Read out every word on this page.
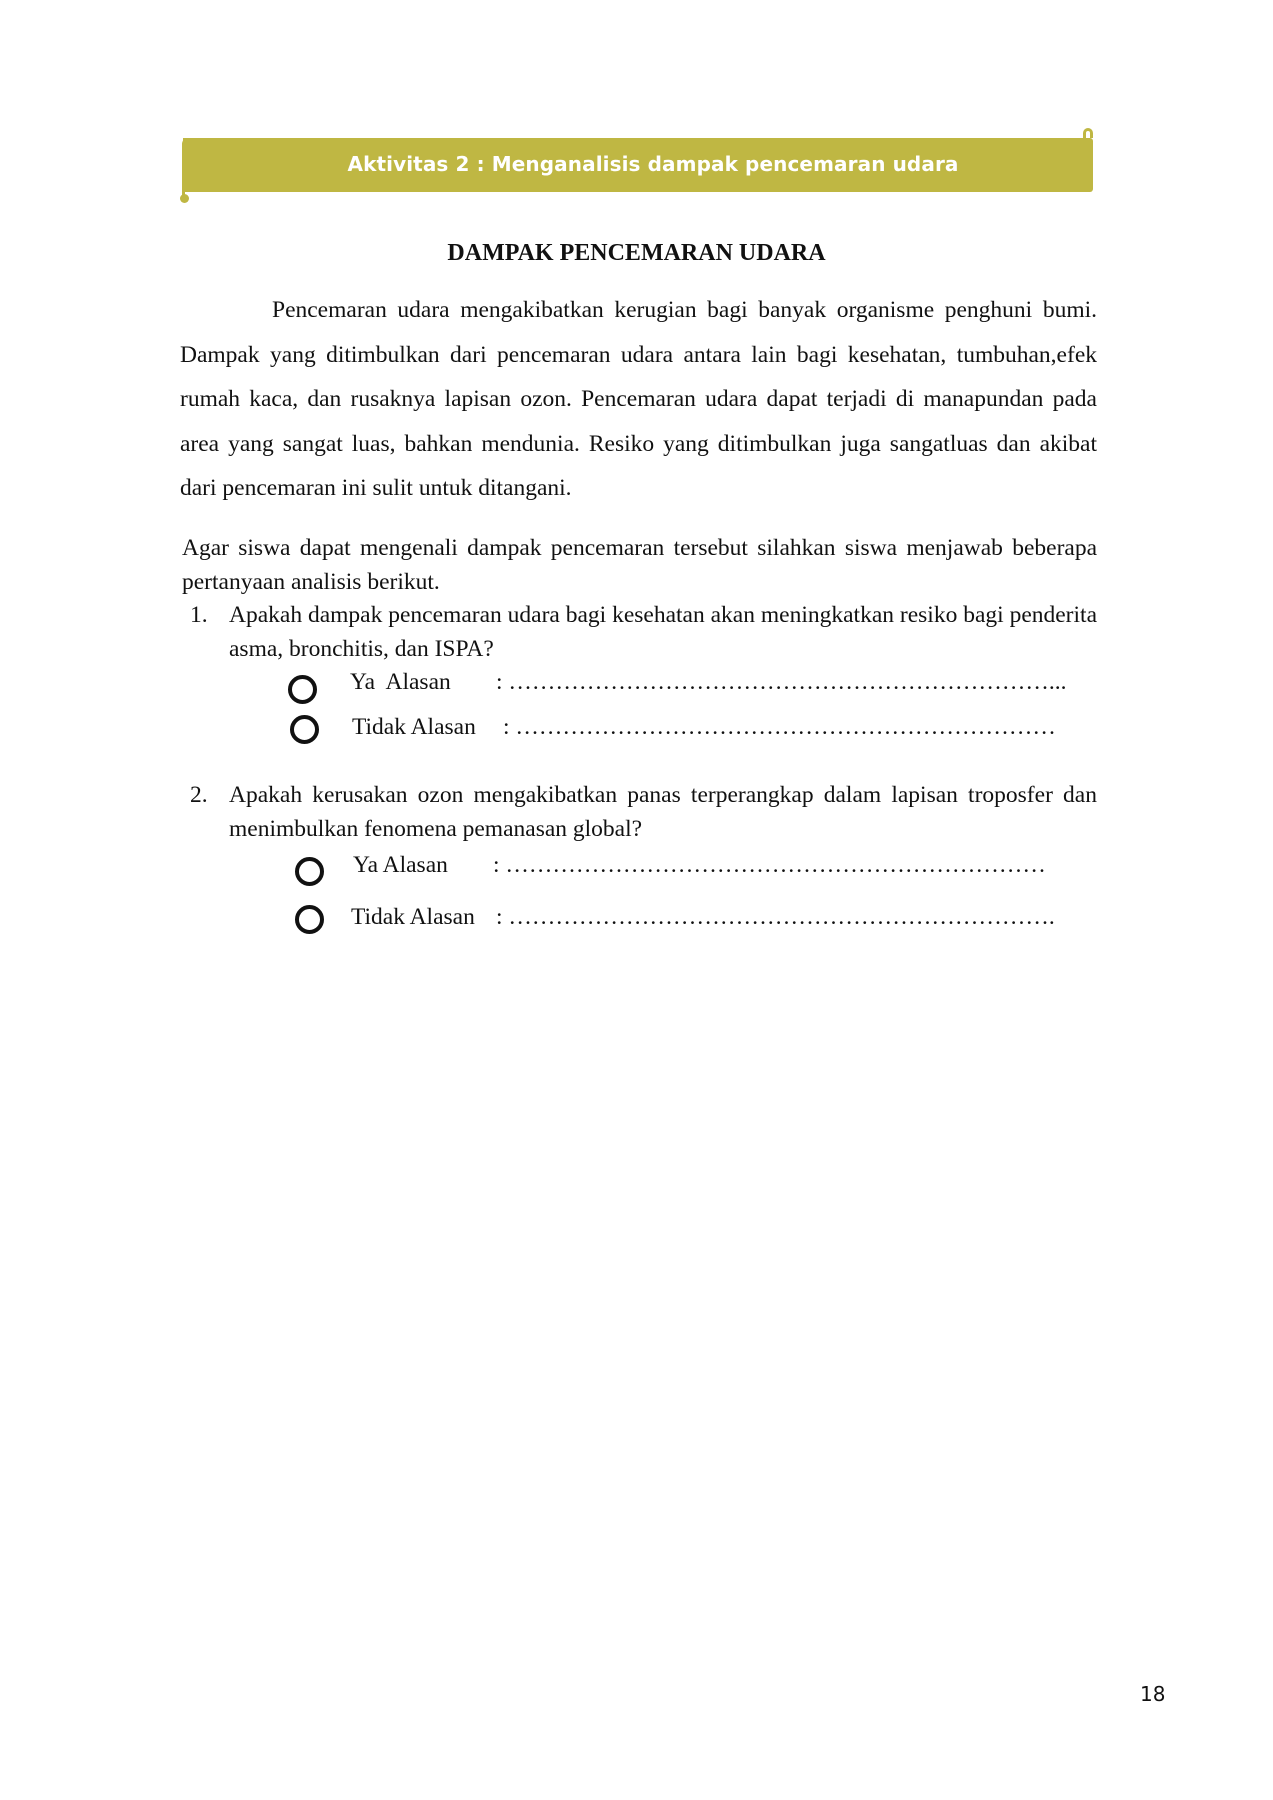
Aktivitas 2 : Menganalisis dampak pencemaran udara
DAMPAK PENCEMARAN UDARA

Pencemaran udara mengakibatkan kerugian bagi banyak organisme penghuni bumi. Dampak yang ditimbulkan dari pencemaran udara antara lain bagi kesehatan, tumbuhan,efek rumah kaca, dan rusaknya lapisan ozon. Pencemaran udara dapat terjadi di manapundan pada area yang sangat luas, bahkan mendunia. Resiko yang ditimbulkan juga sangatluas dan akibat dari pencemaran ini sulit untuk ditangani.

Agar siswa dapat mengenali dampak pencemaran tersebut silahkan siswa menjawab beberapa pertanyaan analisis berikut.

1. Apakah dampak pencemaran udara bagi kesehatan akan meningkatkan resiko bagi penderita asma, bronchitis, dan ISPA?

Ya  Alasan : ……………………………………………………………...
Tidak Alasan : ……………………………………………………………
2. Apakah kerusakan ozon mengakibatkan panas terperangkap dalam lapisan troposfer dan menimbulkan fenomena pemanasan global?

Ya Alasan : ……………………………………………………………
Tidak Alasan : …………………………………………………………….
18
